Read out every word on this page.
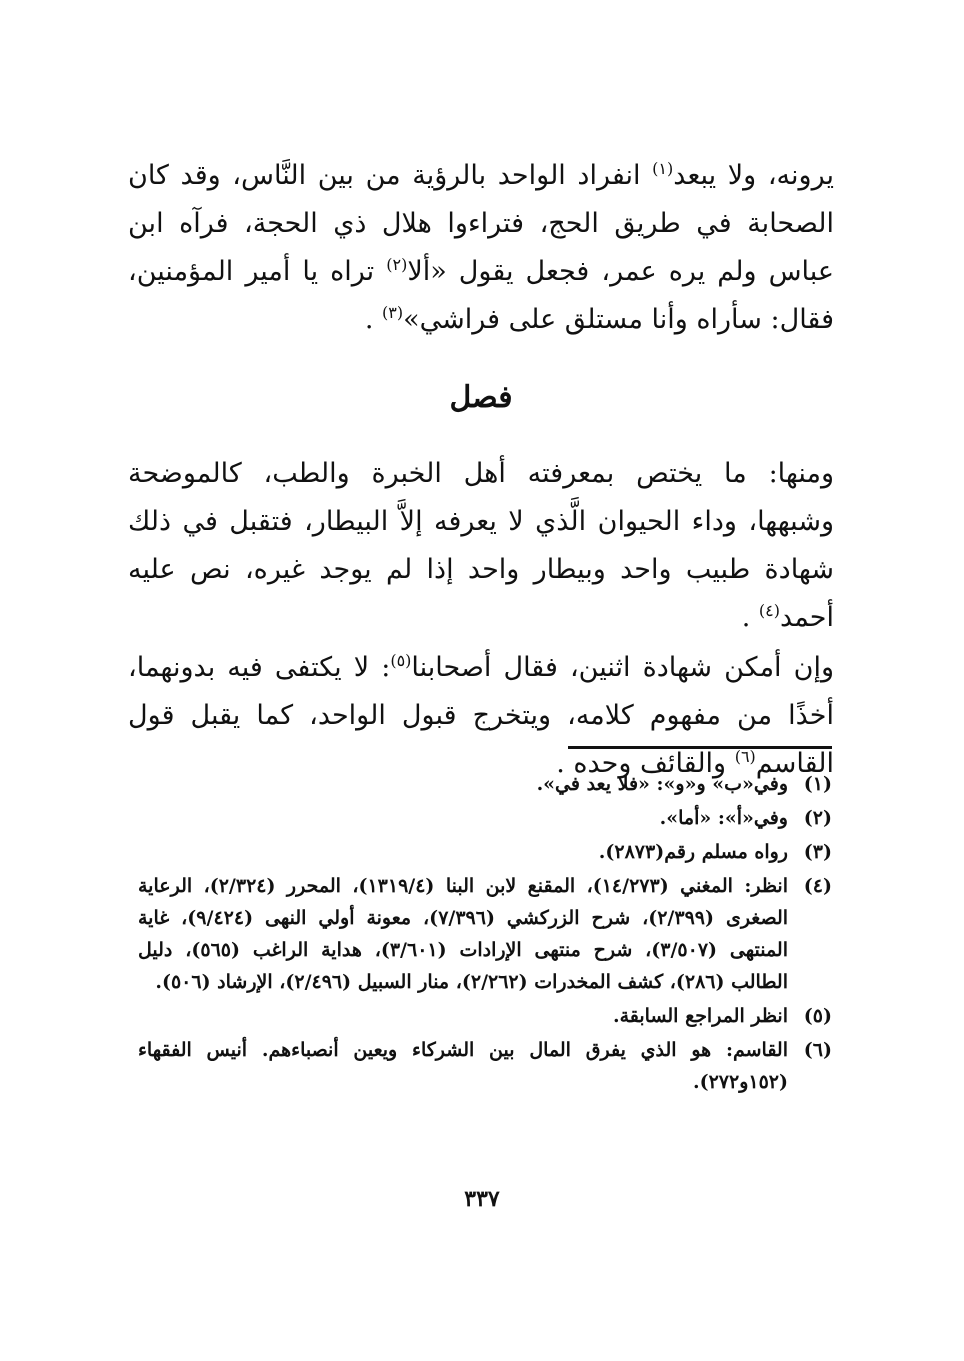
يرونه، ولا يبعد$^{(١)}$ انفراد الواحد بالرؤية من بين النَّاس، وقد كان الصحابة في طريق الحج، فتراءوا هلال ذي الحجة، فرآه ابن عباس ولم يره عمر، فجعل يقول «ألا$^{(٢)}$ تراه يا أمير المؤمنين، فقال: سأراه وأنا مستلق على فراشي»$^{(٣)}$ .

فصل

ومنها: ما يختص بمعرفته أهل الخبرة والطب، كالموضحة وشبهها، وداء الحيوان الَّذي لا يعرفه إلاَّ البيطار، فتقبل في ذلك شهادة طبيب واحد وبيطار واحد إذا لم يوجد غيره، نص عليه أحمد$^{(٤)}$ .

وإن أمكن شهادة اثنين، فقال أصحابنا$^{(٥)}$: لا يكتفى فيه بدونهما، أخذًا من مفهوم كلامه، ويتخرج قبول الواحد، كما يقبل قول القاسم$^{(٦)}$ والقائف وحده .

(١)
وفي«ب» و«و»: «فلا يعد في».
(٢)
وفي«أ»: «أما».
(٣)
رواه مسلم رقم(٢٨٧٣).
(٤)
انظر: المغني (١٤/٢٧٣)، المقنع لابن البنا (١٣١٩/٤)، المحرر (٢/٣٢٤)، الرعاية الصغرى (٢/٣٩٩)، شرح الزركشي (٧/٣٩٦)، معونة أولي النهى (٩/٤٢٤)، غاية المنتهى (٣/٥٠٧)، شرح منتهى الإرادات (٣/٦٠١)، هداية الراغب (٥٦٥)، دليل الطالب (٢٨٦)، كشف المخدرات (٢/٢٦٢)، منار السبيل (٢/٤٩٦)، الإرشاد (٥٠٦).
(٥)
انظر المراجع السابقة.
(٦)
القاسم: هو الذي يفرق المال بين الشركاء ويعين أنصباءهم. أنيس الفقهاء (١٥٢و٢٧٢).
٣٣٧
